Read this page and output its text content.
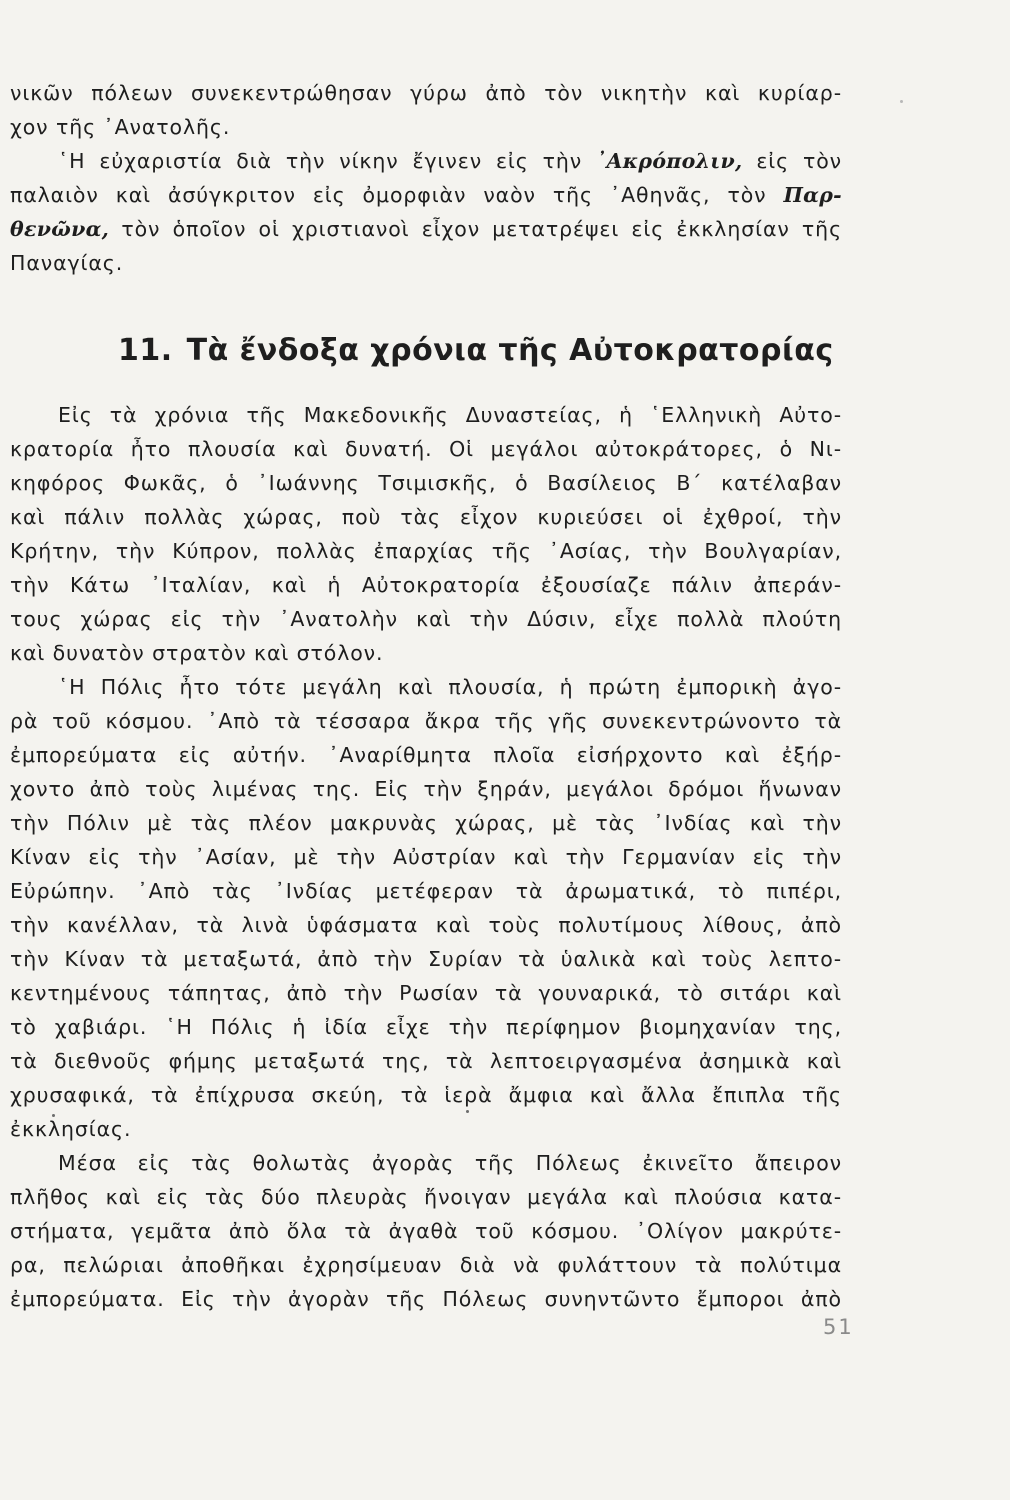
νικῶν πόλεων συνεκεντρώθησαν γύρω ἀπὸ τὸν νικητὴν καὶ κυρίαρ-
χον τῆς ᾿Ανατολῆς.
῾Η εὐχαριστία διὰ τὴν νίκην ἔγινεν εἰς τὴν ᾿Ακρόπολιν, εἰς τὸν
παλαιὸν καὶ ἀσύγκριτον εἰς ὀμορφιὰν ναὸν τῆς ᾿Αθηνᾶς, τὸν Παρ-
θενῶνα, τὸν ὁποῖον οἱ χριστιανοὶ εἶχον μετατρέψει εἰς ἐκκλησίαν τῆς
Παναγίας.
11. Τὰ ἔνδοξα χρόνια τῆς Αὐτοκρατορίας
Εἰς τὰ χρόνια τῆς Μακεδονικῆς Δυναστείας, ἡ ῾Ελληνικὴ Αὐτο-
κρατορία ἦτο πλουσία καὶ δυνατή. Οἱ μεγάλοι αὐτοκράτορες, ὁ Νι-
κηφόρος Φωκᾶς, ὁ ᾿Ιωάννης Τσιμισκῆς, ὁ Βασίλειος Β΄ κατέλαβαν
καὶ πάλιν πολλὰς χώρας, ποὺ τὰς εἶχον κυριεύσει οἱ ἐχθροί, τὴν
Κρήτην, τὴν Κύπρον, πολλὰς ἐπαρχίας τῆς ᾿Ασίας, τὴν Βουλγαρίαν,
τὴν Κάτω ᾿Ιταλίαν, καὶ ἡ Αὐτοκρατορία ἐξουσίαζε πάλιν ἀπεράν-
τους χώρας εἰς τὴν ᾿Ανατολὴν καὶ τὴν Δύσιν, εἶχε πολλὰ πλούτη
καὶ δυνατὸν στρατὸν καὶ στόλον.
῾Η Πόλις ἦτο τότε μεγάλη καὶ πλουσία, ἡ πρώτη ἐμπορικὴ ἀγο-
ρὰ τοῦ κόσμου. ᾿Απὸ τὰ τέσσαρα ἄκρα τῆς γῆς συνεκεντρώνοντο τὰ
ἐμπορεύματα εἰς αὐτήν. ᾿Αναρίθμητα πλοῖα εἰσήρχοντο καὶ ἐξήρ-
χοντο ἀπὸ τοὺς λιμένας της. Εἰς τὴν ξηράν, μεγάλοι δρόμοι ἥνωναν
τὴν Πόλιν μὲ τὰς πλέον μακρυνὰς χώρας, μὲ τὰς ᾿Ινδίας καὶ τὴν
Κίναν εἰς τὴν ᾿Ασίαν, μὲ τὴν Αὐστρίαν καὶ τὴν Γερμανίαν εἰς τὴν
Εὐρώπην. ᾿Απὸ τὰς ᾿Ινδίας μετέφεραν τὰ ἀρωματικά, τὸ πιπέρι,
τὴν κανέλλαν, τὰ λινὰ ὑφάσματα καὶ τοὺς πολυτίμους λίθους, ἀπὸ
τὴν Κίναν τὰ μεταξωτά, ἀπὸ τὴν Συρίαν τὰ ὑαλικὰ καὶ τοὺς λεπτο-
κεντημένους τάπητας, ἀπὸ τὴν Ρωσίαν τὰ γουναρικά, τὸ σιτάρι καὶ
τὸ χαβιάρι. ῾Η Πόλις ἡ ἰδία εἶχε τὴν περίφημον βιομηχανίαν της,
τὰ διεθνοῦς φήμης μεταξωτά της, τὰ λεπτοειργασμένα ἀσημικὰ καὶ
χρυσαφικά, τὰ ἐπίχρυσα σκεύη, τὰ ἱερὰ ἄμφια καὶ ἄλλα ἔπιπλα τῆς
ἐκκλησίας.
Μέσα εἰς τὰς θολωτὰς ἀγορὰς τῆς Πόλεως ἐκινεῖτο ἄπειρον
πλῆθος καὶ εἰς τὰς δύο πλευρὰς ἤνοιγαν μεγάλα καὶ πλούσια κατα-
στήματα, γεμᾶτα ἀπὸ ὅλα τὰ ἀγαθὰ τοῦ κόσμου. ᾿Ολίγον μακρύτε-
ρα, πελώριαι ἀποθῆκαι ἐχρησίμευαν διὰ νὰ φυλάττουν τὰ πολύτιμα
ἐμπορεύματα. Εἰς τὴν ἀγορὰν τῆς Πόλεως συνηντῶντο ἔμποροι ἀπὸ
51
